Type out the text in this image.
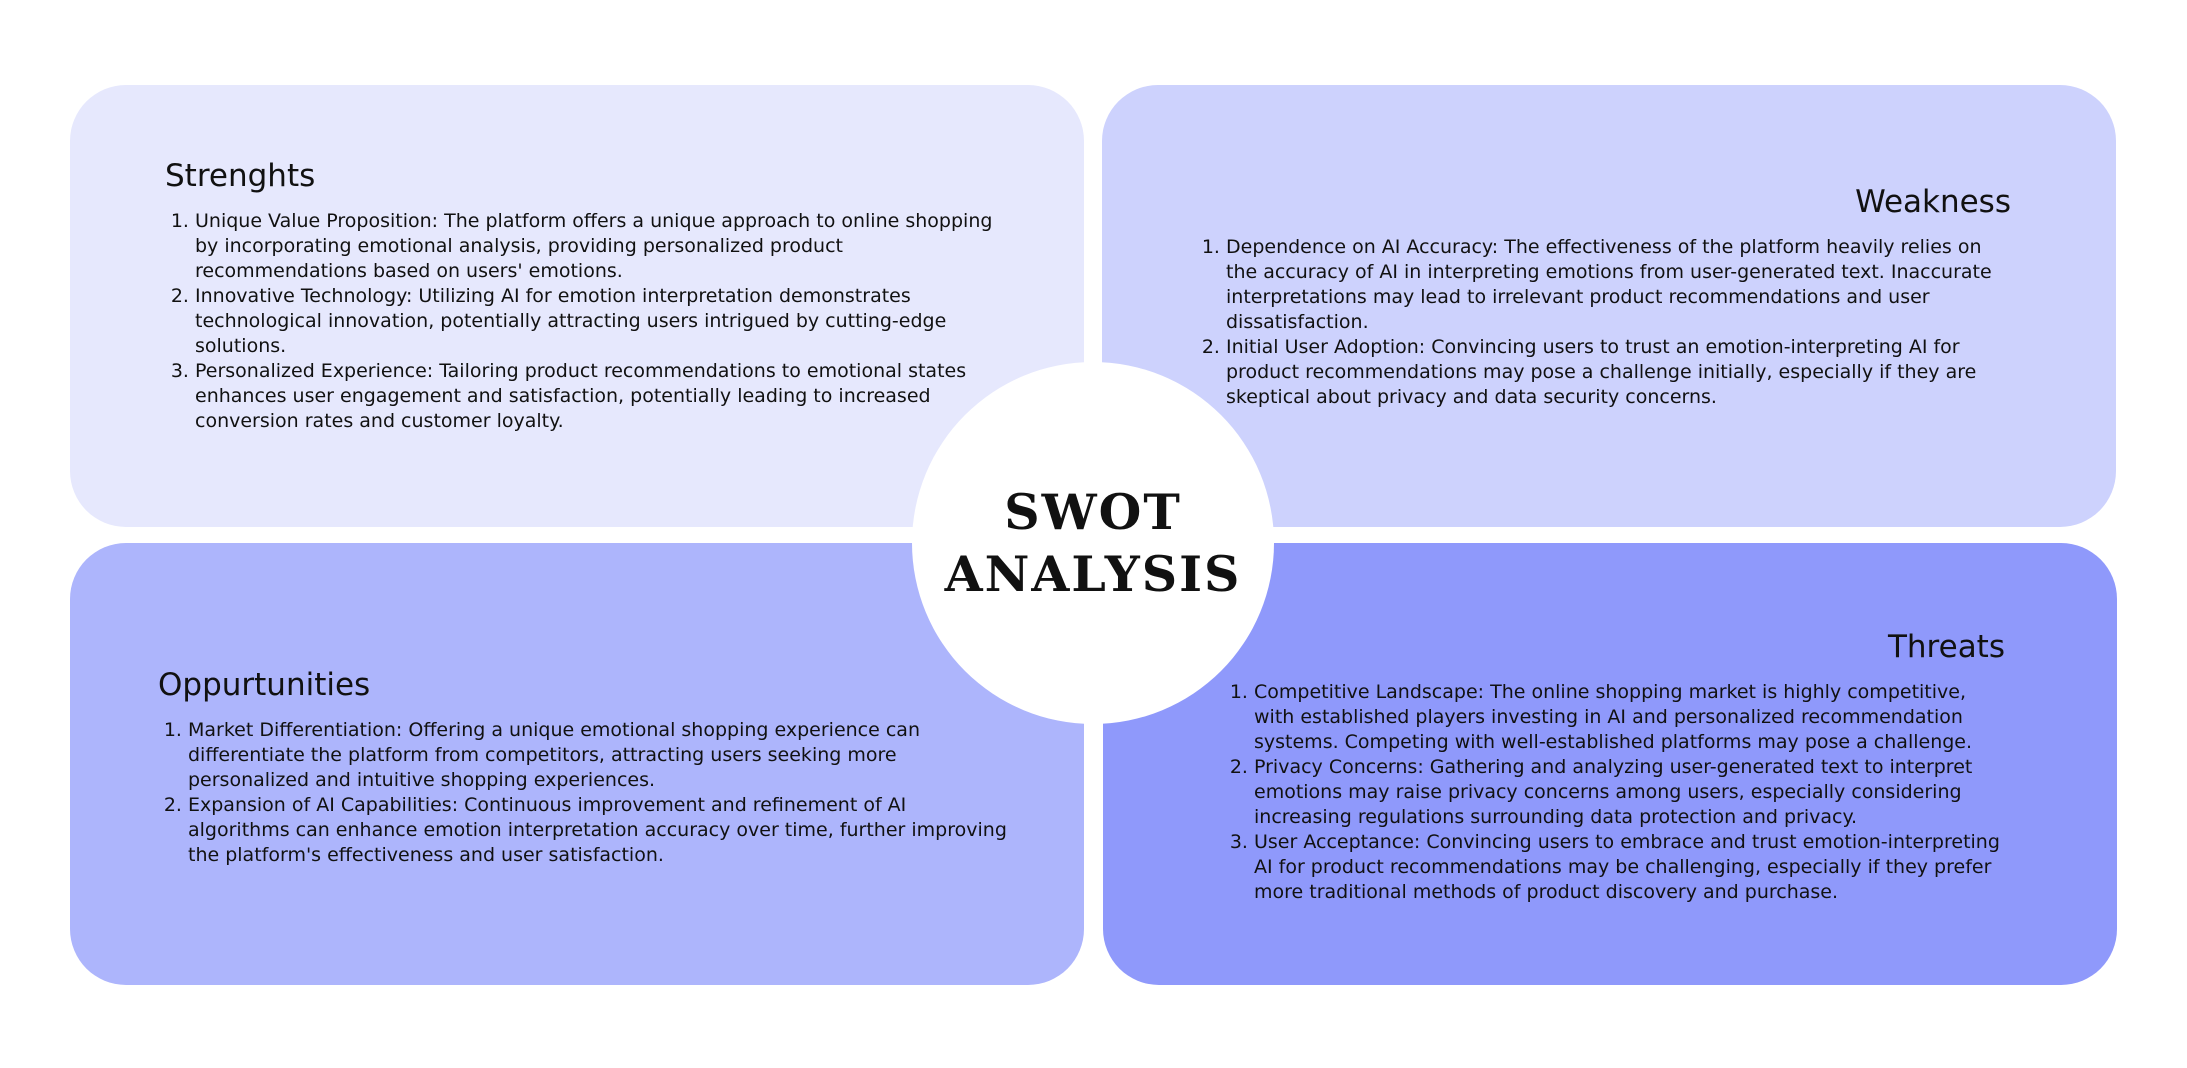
Strenghts
1. Unique Value Proposition: The platform offers a unique approach to online shopping by incorporating emotional analysis, providing personalized product recommendations based on users' emotions.
2. Innovative Technology: Utilizing AI for emotion interpretation demonstrates technological innovation, potentially attracting users intrigued by cutting-edge solutions.
3. Personalized Experience: Tailoring product recommendations to emotional states enhances user engagement and satisfaction, potentially leading to increased conversion rates and customer loyalty.
Weakness
1. Dependence on AI Accuracy: The effectiveness of the platform heavily relies on the accuracy of AI in interpreting emotions from user-generated text. Inaccurate interpretations may lead to irrelevant product recommendations and user dissatisfaction.
2. Initial User Adoption: Convincing users to trust an emotion-interpreting AI for product recommendations may pose a challenge initially, especially if they are skeptical about privacy and data security concerns.
Oppurtunities
1. Market Differentiation: Offering a unique emotional shopping experience can differentiate the platform from competitors, attracting users seeking more personalized and intuitive shopping experiences.
2. Expansion of AI Capabilities: Continuous improvement and refinement of AI algorithms can enhance emotion interpretation accuracy over time, further improving the platform's effectiveness and user satisfaction.
Threats
1. Competitive Landscape: The online shopping market is highly competitive, with established players investing in AI and personalized recommendation systems. Competing with well-established platforms may pose a challenge.
2. Privacy Concerns: Gathering and analyzing user-generated text to interpret emotions may raise privacy concerns among users, especially considering increasing regulations surrounding data protection and privacy.
3. User Acceptance: Convincing users to embrace and trust emotion-interpreting AI for product recommendations may be challenging, especially if they prefer more traditional methods of product discovery and purchase.
SWOT
ANALYSIS
